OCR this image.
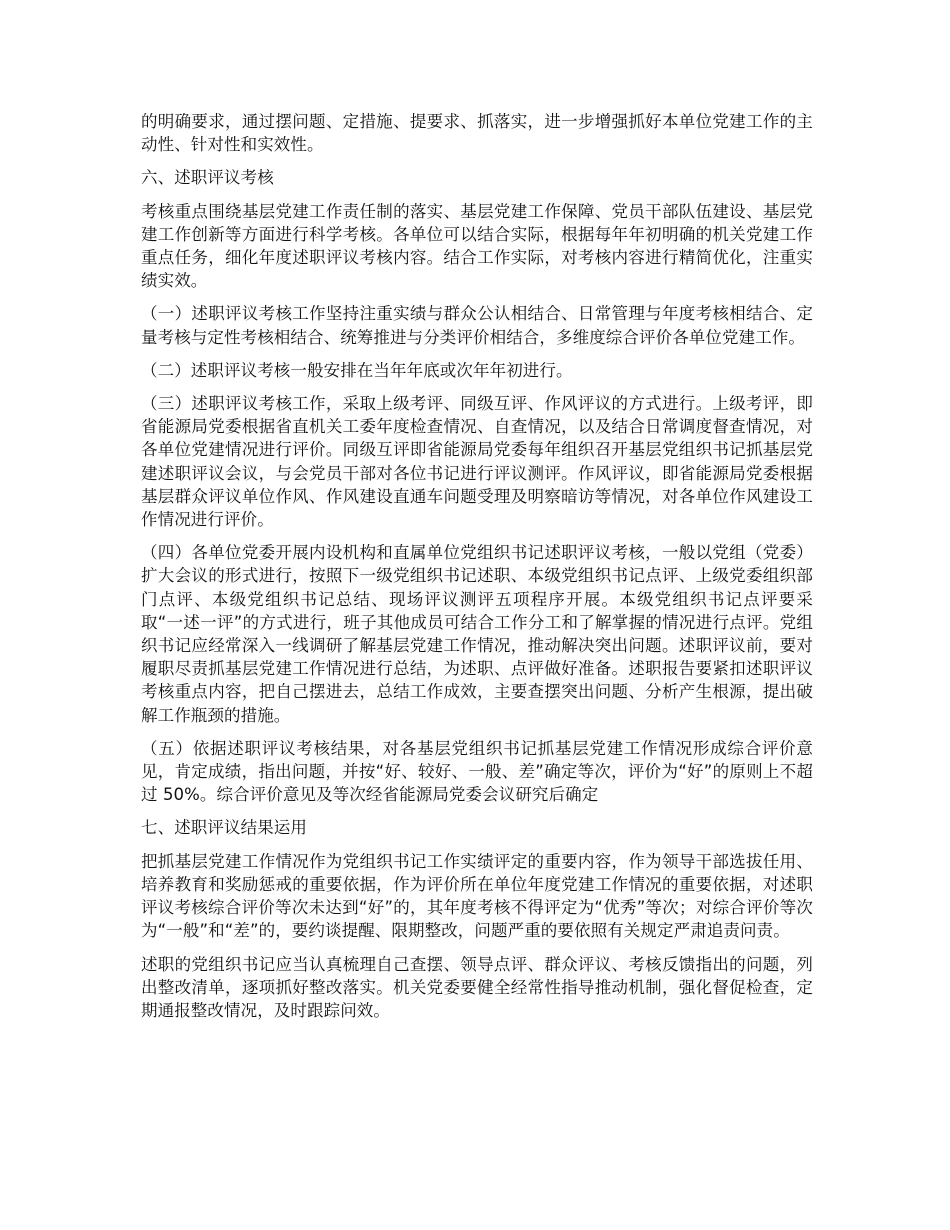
的明确要求，通过摆问题、定措施、提要求、抓落实，进一步增强抓好本单位党建工作的主动性、针对性和实效性。

六、述职评议考核

考核重点围绕基层党建工作责任制的落实、基层党建工作保障、党员干部队伍建设、基层党建工作创新等方面进行科学考核。各单位可以结合实际，根据每年年初明确的机关党建工作重点任务，细化年度述职评议考核内容。结合工作实际，对考核内容进行精简优化，注重实绩实效。

（一）述职评议考核工作坚持注重实绩与群众公认相结合、日常管理与年度考核相结合、定量考核与定性考核相结合、统筹推进与分类评价相结合，多维度综合评价各单位党建工作。

（二）述职评议考核一般安排在当年年底或次年年初进行。

（三）述职评议考核工作，采取上级考评、同级互评、作风评议的方式进行。上级考评，即省能源局党委根据省直机关工委年度检查情况、自查情况，以及结合日常调度督查情况，对各单位党建情况进行评价。同级互评即省能源局党委每年组织召开基层党组织书记抓基层党建述职评议会议，与会党员干部对各位书记进行评议测评。作风评议，即省能源局党委根据基层群众评议单位作风、作风建设直通车问题受理及明察暗访等情况，对各单位作风建设工作情况进行评价。

（四）各单位党委开展内设机构和直属单位党组织书记述职评议考核，一般以党组（党委）扩大会议的形式进行，按照下一级党组织书记述职、本级党组织书记点评、上级党委组织部门点评、本级党组织书记总结、现场评议测评五项程序开展。本级党组织书记点评要采取“一述一评”的方式进行，班子其他成员可结合工作分工和了解掌握的情况进行点评。党组织书记应经常深入一线调研了解基层党建工作情况，推动解决突出问题。述职评议前，要对履职尽责抓基层党建工作情况进行总结，为述职、点评做好准备。述职报告要紧扣述职评议考核重点内容，把自己摆进去，总结工作成效，主要查摆突出问题、分析产生根源，提出破解工作瓶颈的措施。

（五）依据述职评议考核结果，对各基层党组织书记抓基层党建工作情况形成综合评价意见，肯定成绩，指出问题，并按“好、较好、一般、差”确定等次，评价为“好”的原则上不超过 50%。综合评价意见及等次经省能源局党委会议研究后确定

七、述职评议结果运用

把抓基层党建工作情况作为党组织书记工作实绩评定的重要内容，作为领导干部选拔任用、培养教育和奖励惩戒的重要依据，作为评价所在单位年度党建工作情况的重要依据，对述职评议考核综合评价等次未达到“好”的，其年度考核不得评定为“优秀”等次；对综合评价等次为“一般”和“差”的，要约谈提醒、限期整改，问题严重的要依照有关规定严肃追责问责。

述职的党组织书记应当认真梳理自己查摆、领导点评、群众评议、考核反馈指出的问题，列出整改清单，逐项抓好整改落实。机关党委要健全经常性指导推动机制，强化督促检查，定期通报整改情况，及时跟踪问效。
